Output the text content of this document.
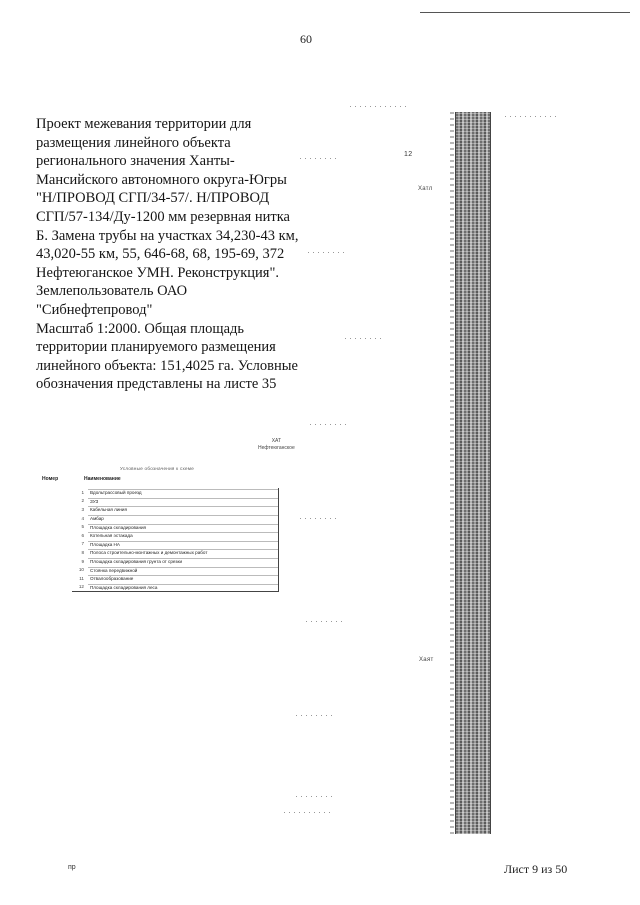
60

Проект межевания территории для
размещения линейного объекта
регионального значения Ханты-
Мансийского автономного округа-Югры
"Н/ПРОВОД СГП/34-57/. Н/ПРОВОД
СГП/57-134/Ду-1200 мм резервная нитка
Б. Замена трубы на участках 34,230-43 км,
43,020-55 км, 55, 646-68, 68, 195-69, 372
Нефтеюганское УМН. Реконструкция".
Землепользователь ОАО
"Сибнефтепровод"
Масштаб 1:2000. Общая площадь
территории планируемого размещения
линейного объекта: 151,4025 га. Условные
обозначения представлены на листе 35

12
Хатл
Хаят
ХАТ
Нефтеюганское
Условные обозначения к схеме
Номер	Наименование
1	Вдольтрассовый проезд
2	ЗУЗ
3	Кабельная линия
4	Амбар
5	Площадка складирования
6	Котельная эстакада
7	Площадка НА
8	Полоса строительно-монтажных и демонтажных работ
9	Площадка складирования грунта от срезки
10	Стоянка передвижной
11	Отвалообразование
12	Площадка складирования леса
пр	Лист 9 из 50
